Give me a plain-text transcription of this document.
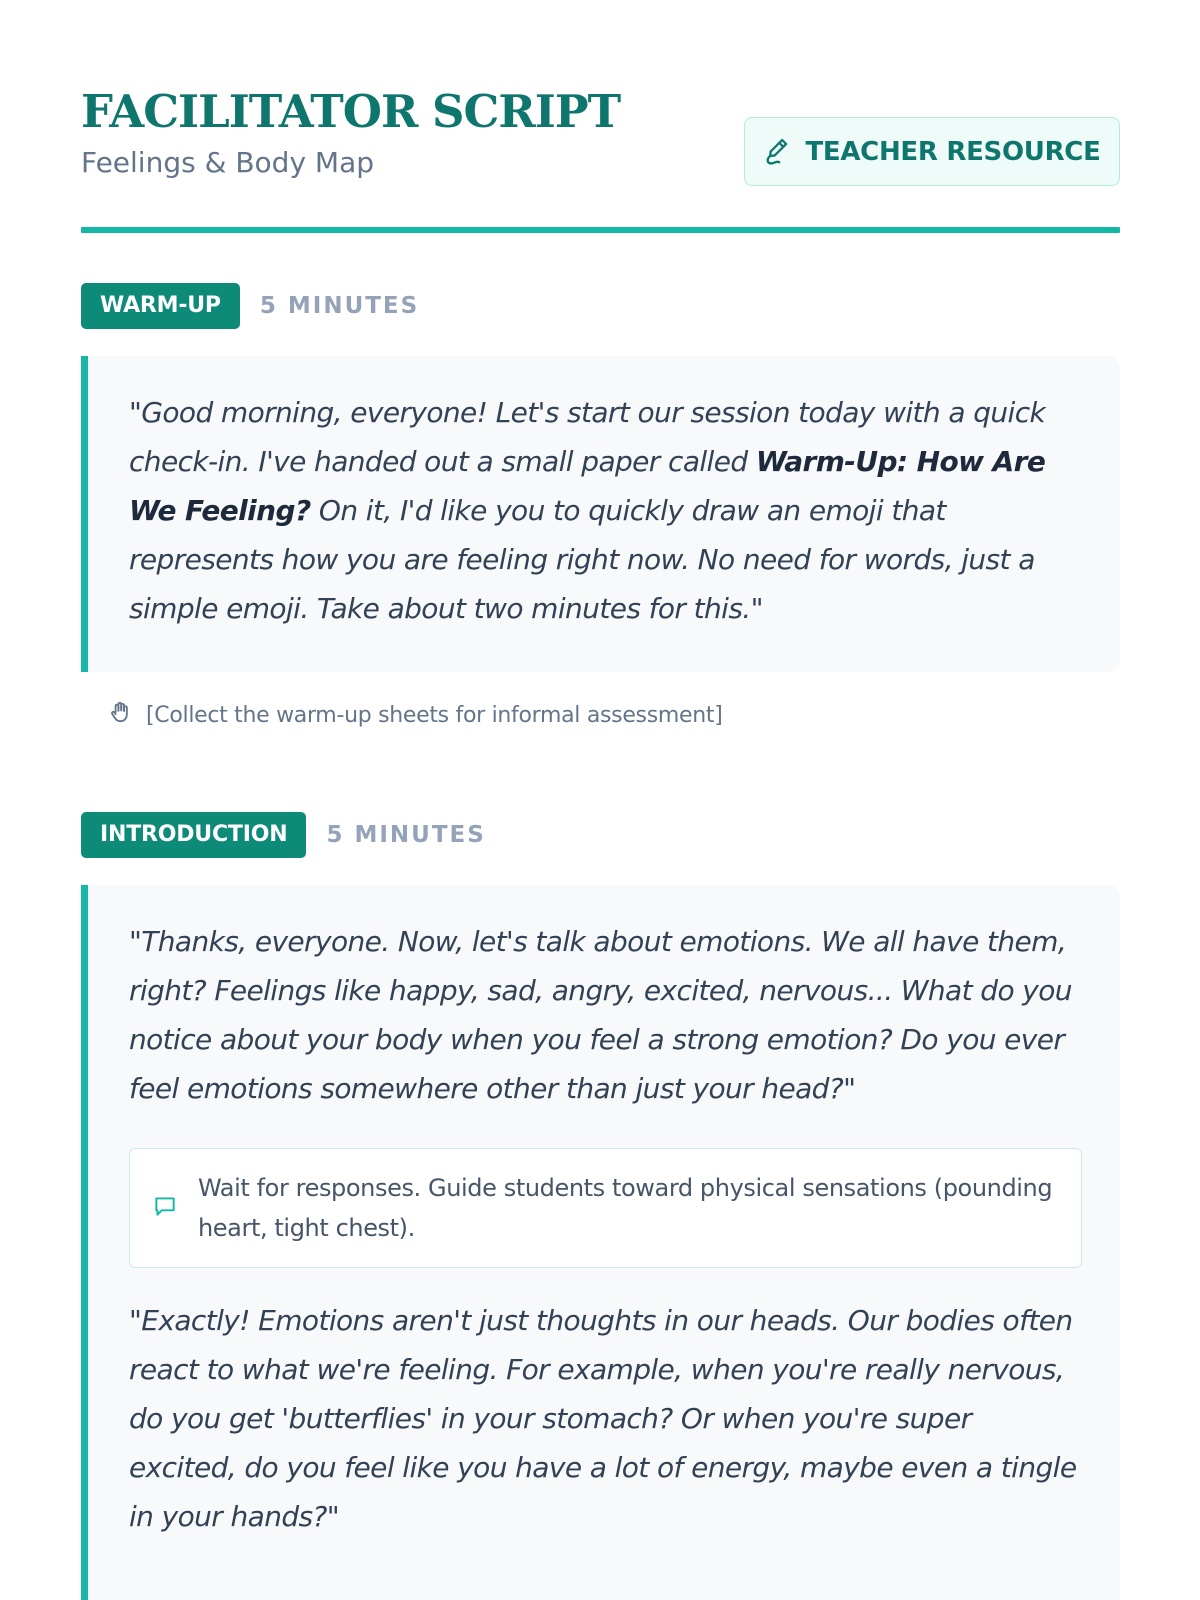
FACILITATOR SCRIPT
Feelings & Body Map	TEACHER RESOURCE
WARM-UP	5 MINUTES

"Good morning, everyone! Let's start our session today with a quick check-in. I've handed out a small paper called Warm-Up: How Are We Feeling? On it, I'd like you to quickly draw an emoji that represents how you are feeling right now. No need for words, just a simple emoji. Take about two minutes for this."

[Collect the warm-up sheets for informal assessment]
INTRODUCTION	5 MINUTES

"Thanks, everyone. Now, let's talk about emotions. We all have them, right? Feelings like happy, sad, angry, excited, nervous... What do you notice about your body when you feel a strong emotion? Do you ever feel emotions somewhere other than just your head?"

Wait for responses. Guide students toward physical sensations (pounding heart, tight chest).

"Exactly! Emotions aren't just thoughts in our heads. Our bodies often react to what we're feeling. For example, when you're really nervous, do you get 'butterflies' in your stomach? Or when you're super excited, do you feel like you have a lot of energy, maybe even a tingle in your hands?"
